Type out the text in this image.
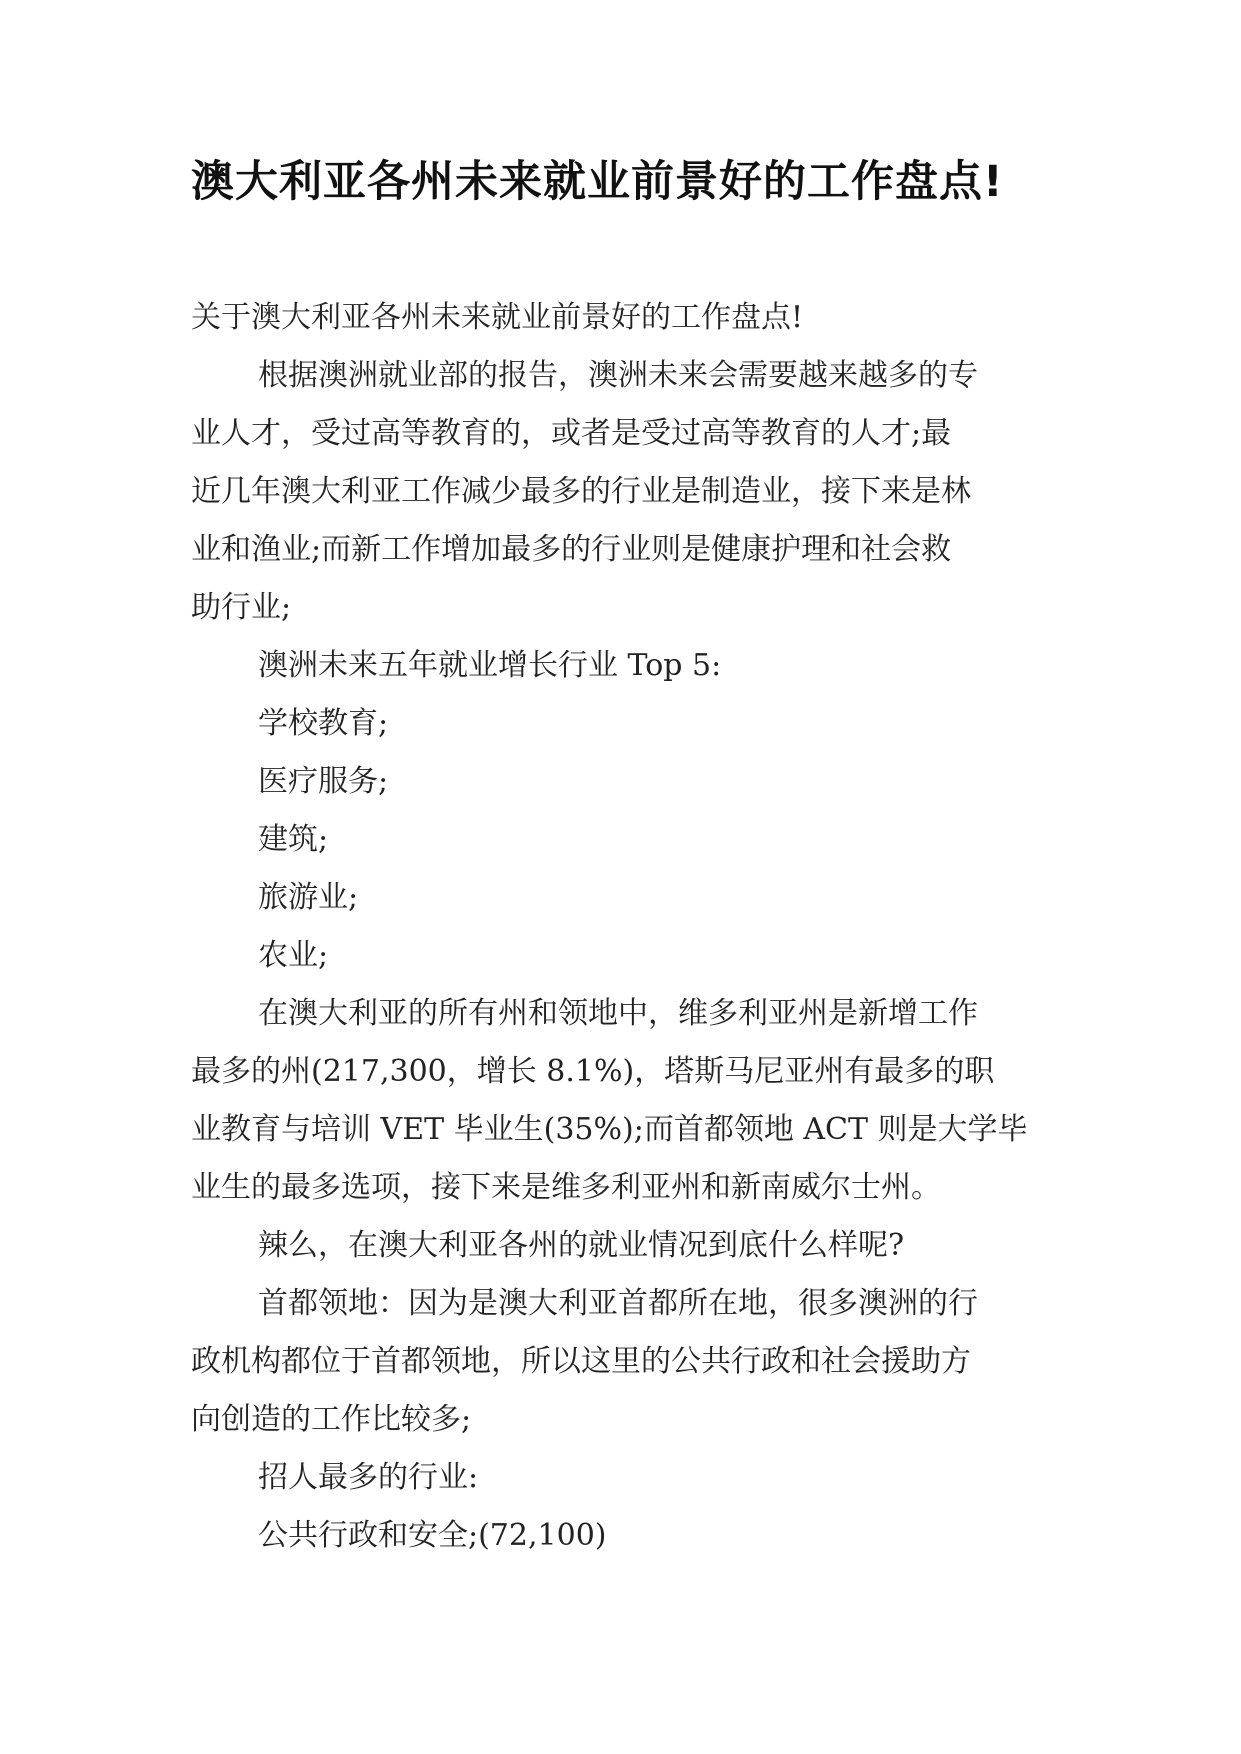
澳大利亚各州未来就业前景好的工作盘点!
关于澳大利亚各州未来就业前景好的工作盘点!
根据澳洲就业部的报告，澳洲未来会需要越来越多的专
业人才，受过高等教育的，或者是受过高等教育的人才;最
近几年澳大利亚工作减少最多的行业是制造业，接下来是林
业和渔业;而新工作增加最多的行业则是健康护理和社会救
助行业;
澳洲未来五年就业增长行业 Top 5:
学校教育;
医疗服务;
建筑;
旅游业;
农业;
在澳大利亚的所有州和领地中，维多利亚州是新增工作
最多的州(217,300，增长 8.1%)，塔斯马尼亚州有最多的职
业教育与培训 VET 毕业生(35%);而首都领地 ACT 则是大学毕
业生的最多选项，接下来是维多利亚州和新南威尔士州。
辣么，在澳大利亚各州的就业情况到底什么样呢?
首都领地：因为是澳大利亚首都所在地，很多澳洲的行
政机构都位于首都领地，所以这里的公共行政和社会援助方
向创造的工作比较多;
招人最多的行业:
公共行政和安全;(72,100)
